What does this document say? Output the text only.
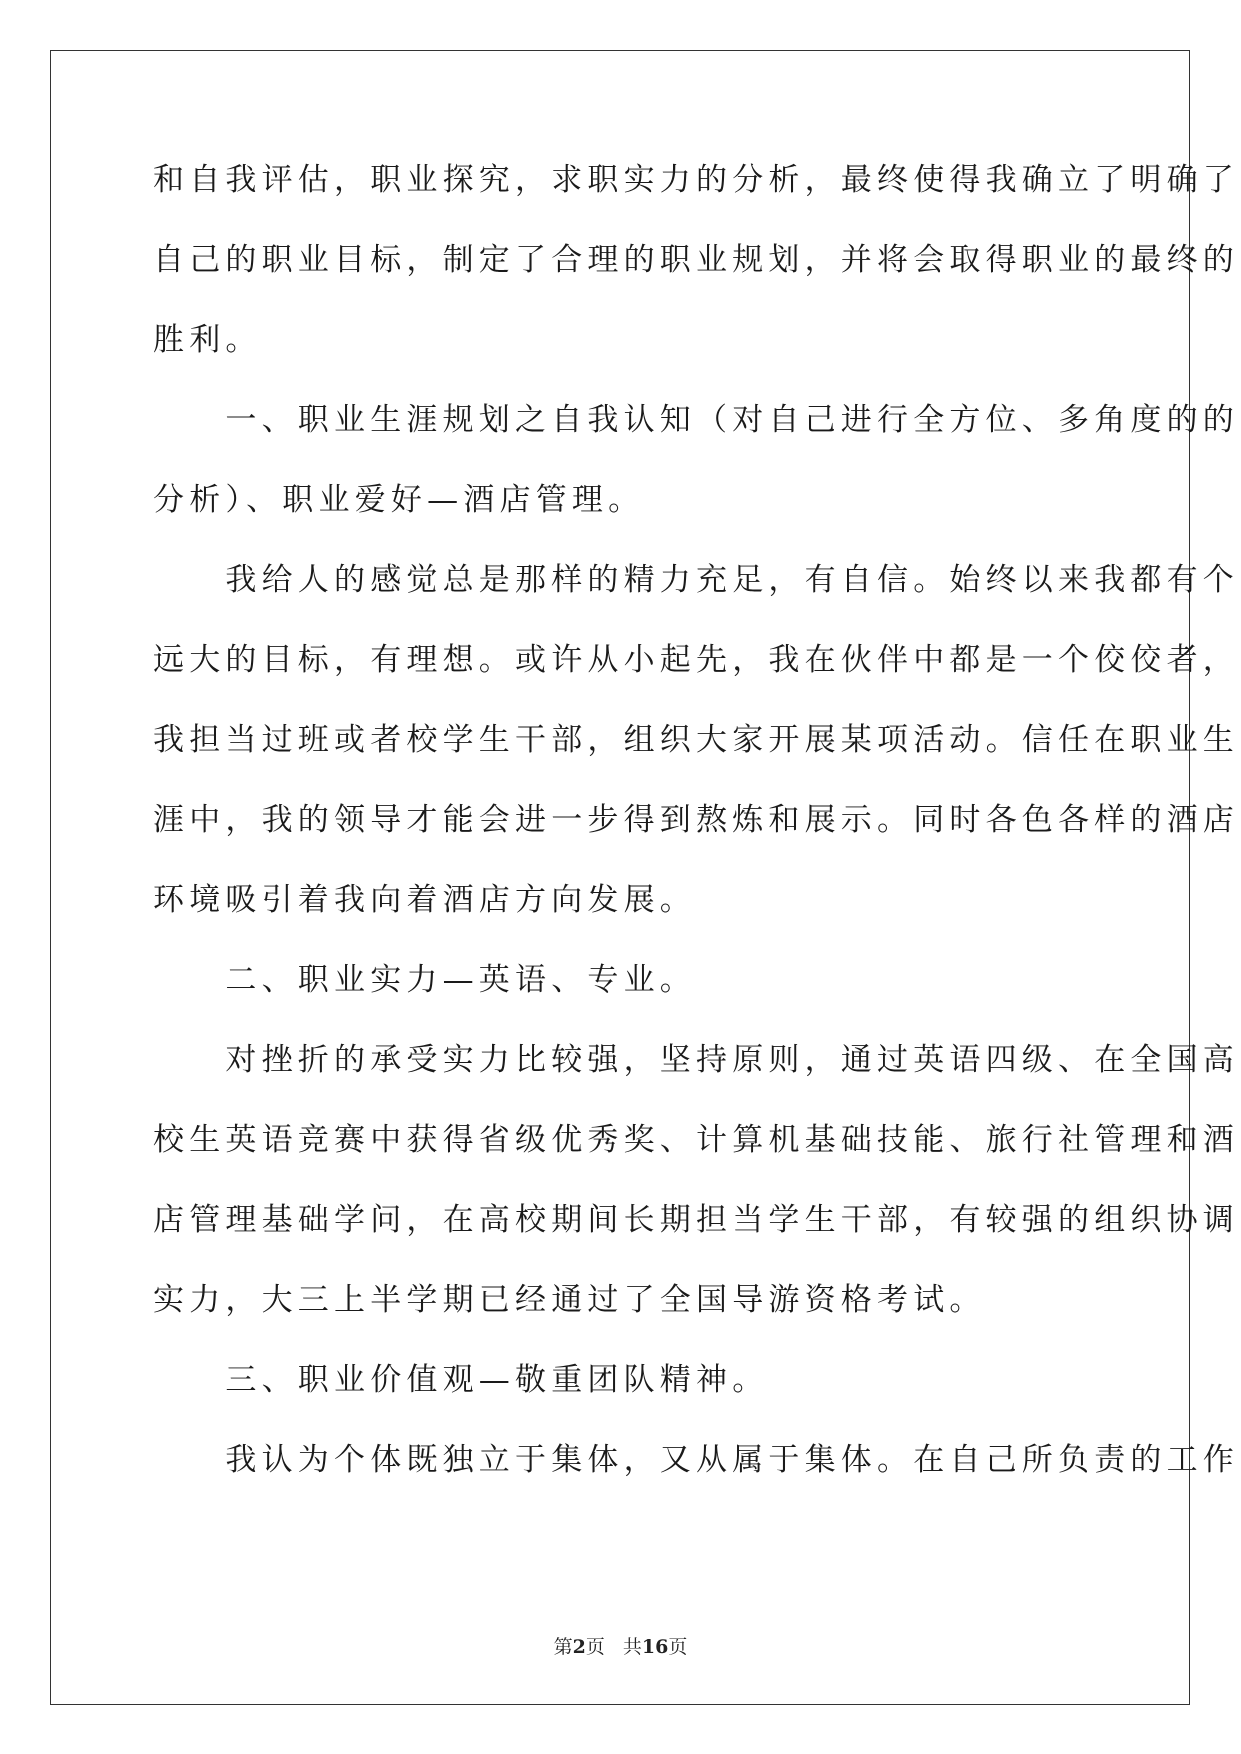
和自我评估，职业探究，求职实力的分析，最终使得我确立了明确了
自己的职业目标，制定了合理的职业规划，并将会取得职业的最终的
胜利。
　　一、职业生涯规划之自我认知（对自己进行全方位、多角度的的
分析）、职业爱好—酒店管理。
　　我给人的感觉总是那样的精力充足，有自信。始终以来我都有个
远大的目标，有理想。或许从小起先，我在伙伴中都是一个佼佼者，
我担当过班或者校学生干部，组织大家开展某项活动。信任在职业生
涯中，我的领导才能会进一步得到熬炼和展示。同时各色各样的酒店
环境吸引着我向着酒店方向发展。
　　二、职业实力—英语、专业。
　　对挫折的承受实力比较强，坚持原则，通过英语四级、在全国高
校生英语竞赛中获得省级优秀奖、计算机基础技能、旅行社管理和酒
店管理基础学问，在高校期间长期担当学生干部，有较强的组织协调
实力，大三上半学期已经通过了全国导游资格考试。
　　三、职业价值观—敬重团队精神。
　　我认为个体既独立于集体，又从属于集体。在自己所负责的工作
第2页 共16页
